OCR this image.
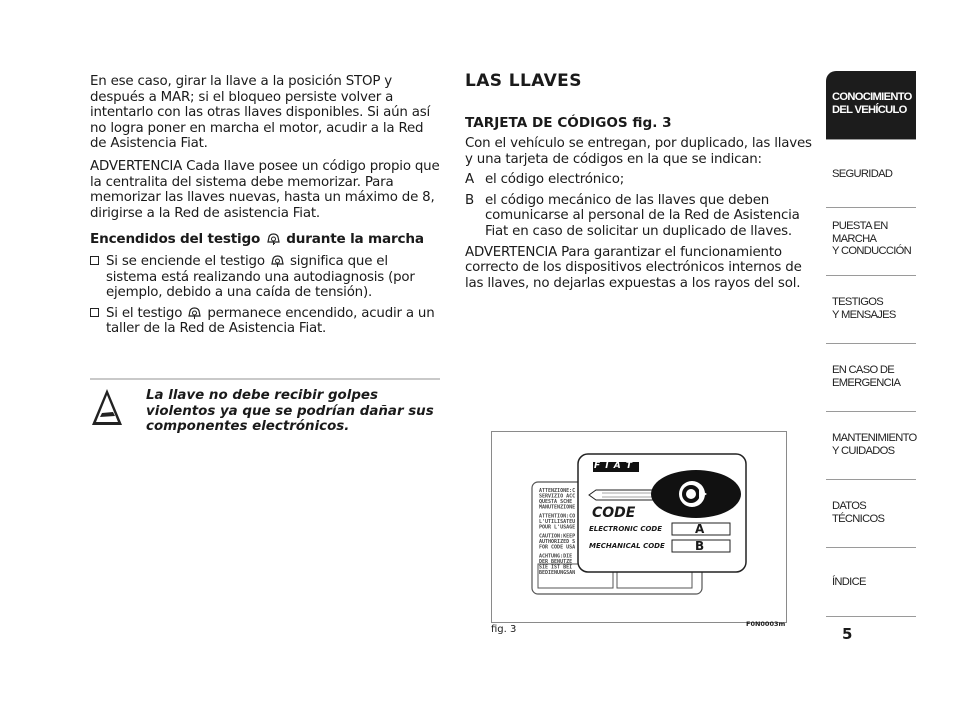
En ese caso, girar la llave a la posición STOP y después a MAR; si el bloqueo persiste volver a intentarlo con las otras llaves disponibles. Si aún así no logra poner en marcha el motor, acudir a la Red de Asistencia Fiat.

ADVERTENCIA Cada llave posee un código propio que la centralita del sistema debe memorizar. Para memorizar las llaves nuevas, hasta un máximo de 8, dirigirse a la Red de asistencia Fiat.

Encendidos del testigo durante la marcha

Si se enciende el testigo significa que el sistema está realizando una autodiagnosis (por ejemplo, debido a una caída de tensión).
Si el testigo permanece encendido, acudir a un taller de la Red de Asistencia Fiat.

La llave no debe recibir golpes violentos ya que se podrían dañar sus componentes electrónicos.

LAS LLAVES
TARJETA DE CÓDIGOS fig. 3

Con el vehículo se entregan, por duplicado, las llaves y una tarjeta de códigos en la que se indican:

A el código electrónico;
B el código mecánico de las llaves que deben comunicarse al personal de la Red de Asistencia Fiat en caso de solicitar un duplicado de llaves.

ADVERTENCIA Para garantizar el funcionamiento correcto de los dispositivos electrónicos internos de las llaves, no dejarlas expuestas a los rayos del sol.

ATTENZIONE:C
SERVIZIO ACC
QUESTA SCHE
MANUTENZIONE
ATTENTION:CO
L'UTILISATEU
POUR L'USAGE
CAUTION:KEEP
AUTHORIZED S
FOR CODE USA
ACHTUNG:DIE
DER BENUTZE
SIE IST BEI
BEDIENUNGSAN
F I A T
CODE
ELECTRONIC CODE
MECHANICAL CODE
A
B
fig. 3	F0N0003m
CONOCIMIENTO
DEL VEHÍCULO
SEGURIDAD
PUESTA EN
MARCHA
Y CONDUCCIÓN
TESTIGOS
Y MENSAJES
EN CASO DE
EMERGENCIA
MANTENIMIENTO
Y CUIDADOS
DATOS
TÉCNICOS
ÍNDICE
5
